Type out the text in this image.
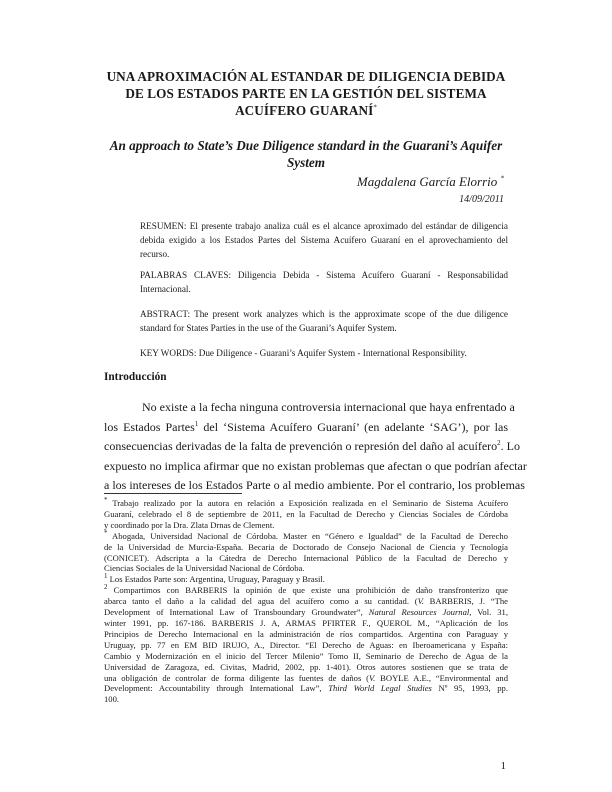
UNA APROXIMACIÓN AL ESTANDAR DE DILIGENCIA DEBIDA
DE LOS ESTADOS PARTE EN LA GESTIÓN DEL SISTEMA
ACUÍFERO GUARANÍ*
An approach to State’s Due Diligence standard in the Guarani’s Aquifer
System
Magdalena García Elorrio *
14/09/2011
RESUMEN: El presente trabajo analiza cuál es el alcance aproximado del estándar de diligencia
debida exigido a los Estados Partes del Sistema Acuífero Guaraní en el aprovechamiento del
recurso.
PALABRAS CLAVES: Diligencia Debida - Sistema Acuífero Guaraní - Responsabilidad
Internacional.
ABSTRACT: The present work analyzes which is the approximate scope of the due diligence
standard for States Parties in the use of the Guarani’s Aquifer System.
KEY WORDS: Due Diligence - Guarani’s Aquifer System - International Responsibility.
Introducción
No existe a la fecha ninguna controversia internacional que haya enfrentado a
los Estados Partes$^1$ del ‘Sistema Acuífero Guaraní’ (en adelante ‘SAG’), por las
consecuencias derivadas de la falta de prevención o represión del daño al acuífero$^2$. Lo
expuesto no implica afirmar que no existan problemas que afectan o que podrían afectar
a los intereses de los Estados Parte o al medio ambiente. Por el contrario, los problemas
* Trabajo realizado por la autora en relación a Exposición realizada en el Seminario de Sistema Acuífero
Guaraní, celebrado el 8 de septiembre de 2011, en la Facultad de Derecho y Ciencias Sociales de Córdoba
y coordinado por la Dra. Zlata Drnas de Clement.
* Abogada, Universidad Nacional de Córdoba. Master en “Género e Igualdad” de la Facultad de Derecho
de la Universidad de Murcia-España. Becaria de Doctorado de Consejo Nacional de Ciencia y Tecnología
(CONICET). Adscripta a la Cátedra de Derecho Internacional Público de la Facultad de Derecho y
Ciencias Sociales de la Universidad Nacional de Córdoba.
$^1$ Los Estados Parte son: Argentina, Uruguay, Paraguay y Brasil.
$^2$ Compartimos con BARBERIS la opinión de que existe una prohibición de daño transfronterizo que
abarca tanto el daño a la calidad del agua del acuífero como a su cantidad. (V. BARBERIS, J. “The
Development of International Law of Transboundary Groundwater”, Natural Resources Journal, Vol. 31,
winter 1991, pp. 167-186. BARBERIS J. A, ARMAS PFIRTER F., QUEROL M., “Aplicación de los
Principios de Derecho Internacional en la administración de ríos compartidos. Argentina con Paraguay y
Uruguay, pp. 77 en EM BID IRUJO, A., Director. “El Derecho de Aguas: en Iberoamericana y España:
Cambio y Modernización en el inicio del Tercer Milenio” Tomo II, Seminario de Derecho de Agua de la
Universidad de Zaragoza, ed. Civitas, Madrid, 2002, pp. 1-401). Otros autores sostienen que se trata de
una obligación de controlar de forma diligente las fuentes de daños (V. BOYLE A.E., “Environmental and
Development: Accountability through International Law”, Third World Legal Studies Nº 95, 1993, pp.
100.
1
